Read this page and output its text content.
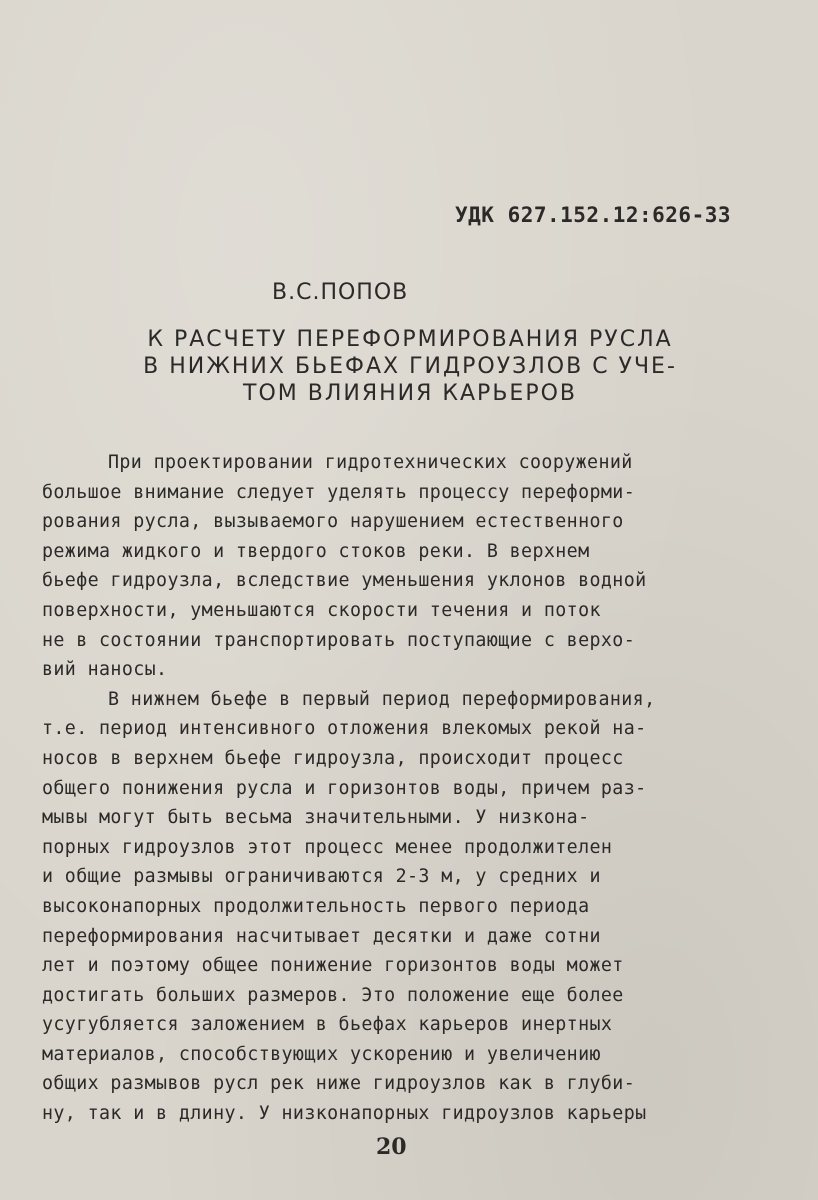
УДК 627.152.12:626-33
В.С.ПОПОВ
К РАСЧЕТУ ПЕРЕФОРМИРОВАНИЯ РУСЛА
В НИЖНИХ БЬЕФАХ ГИДРОУЗЛОВ С УЧЕ-
ТОМ ВЛИЯНИЯ КАРЬЕРОВ
При проектировании гидротехнических сооружений
большое внимание следует уделять процессу переформи-
рования русла, вызываемого нарушением естественного
режима жидкого и твердого стоков реки. В верхнем
бьефе гидроузла, вследствие уменьшения уклонов водной
поверхности, уменьшаются скорости течения и поток
не в состоянии транспортировать поступающие с верхо-
вий наносы.
В нижнем бьефе в первый период переформирования,
т.е. период интенсивного отложения влекомых рекой на-
носов в верхнем бьефе гидроузла, происходит процесс
общего понижения русла и горизонтов воды, причем раз-
мывы могут быть весьма значительными. У низкона-
порных гидроузлов этот процесс менее продолжителен
и общие размывы ограничиваются 2-3 м, у средних и
высоконапорных продолжительность первого периода
переформирования насчитывает десятки и даже сотни
лет и поэтому общее понижение горизонтов воды может
достигать больших размеров. Это положение еще более
усугубляется заложением в бьефах карьеров инертных
материалов, способствующих ускорению и увеличению
общих размывов русл рек ниже гидроузлов как в глуби-
ну, так и в длину. У низконапорных гидроузлов карьеры
20
